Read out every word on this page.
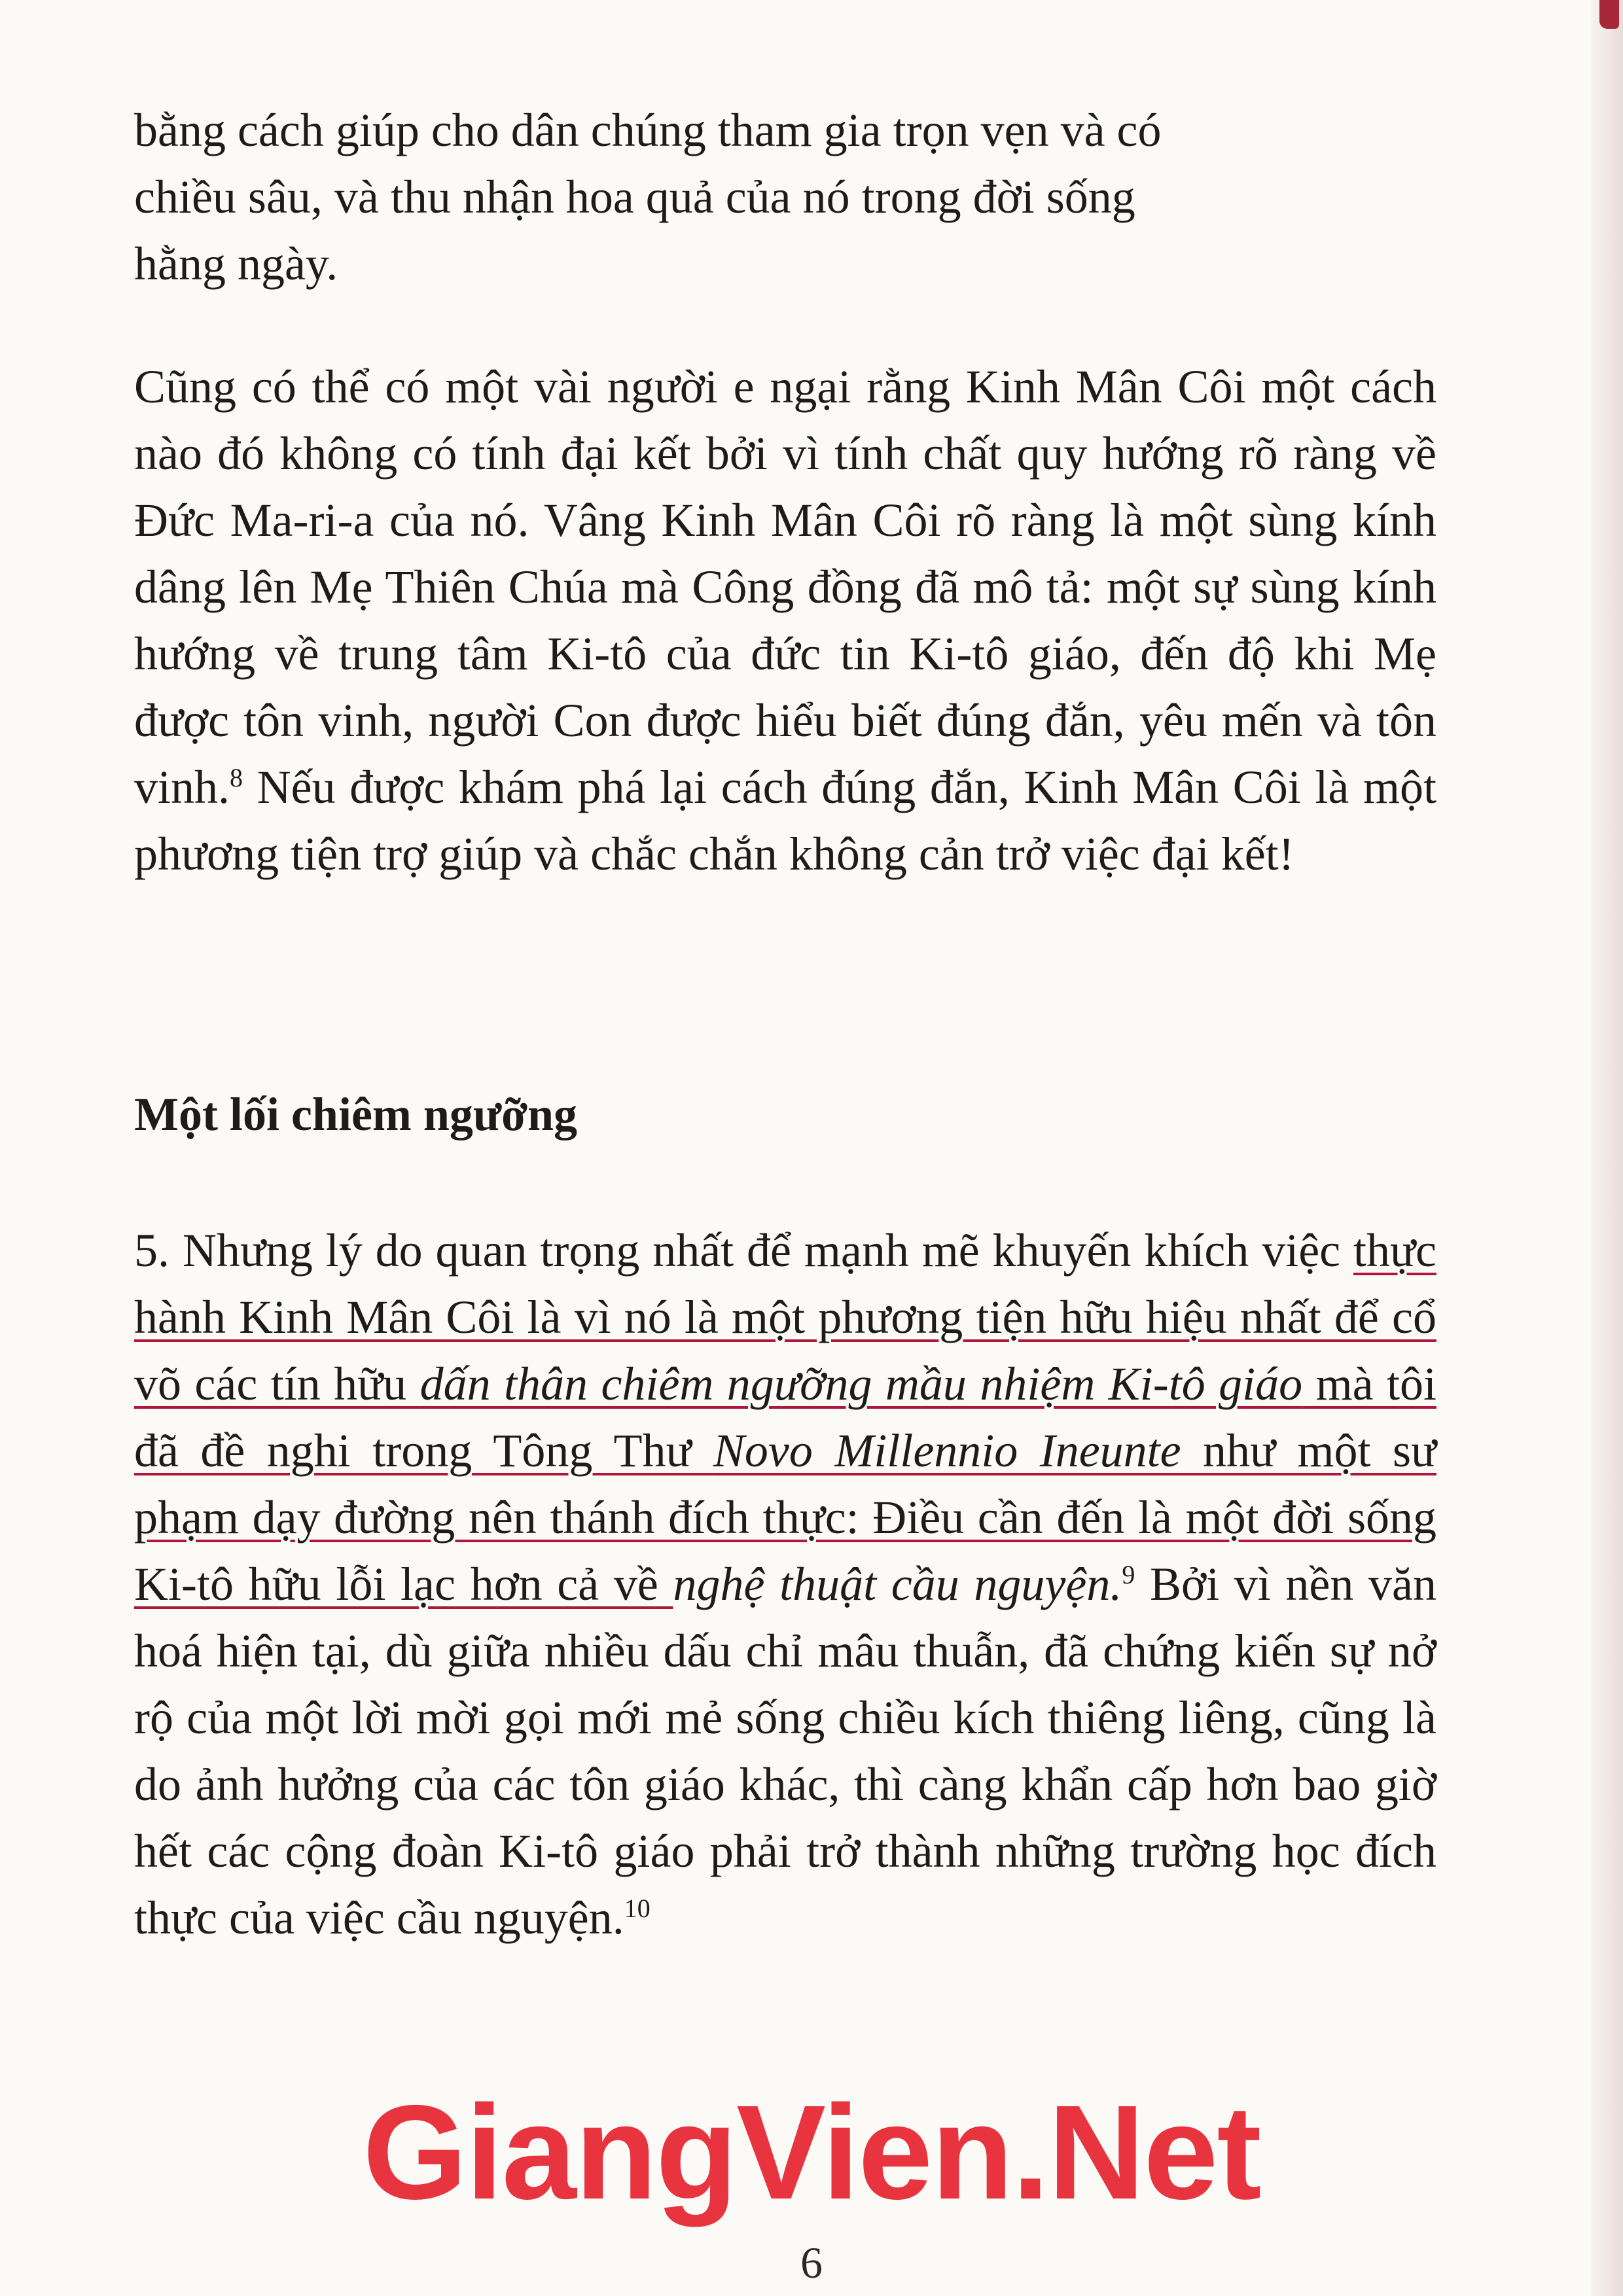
bằng cách giúp cho dân chúng tham gia trọn vẹn và có
chiều sâu, và thu nhận hoa quả của nó trong đời sống
hằng ngày.
Cũng có thể có một vài người e ngại rằng Kinh Mân Côi một cách nào đó không có tính đại kết bởi vì tính chất quy hướng rõ ràng về Đức Ma-ri-a của nó. Vâng Kinh Mân Côi rõ ràng là một sùng kính dâng lên Mẹ Thiên Chúa mà Công đồng đã mô tả: một sự sùng kính hướng về trung tâm Ki-tô của đức tin Ki-tô giáo, đến độ khi Mẹ được tôn vinh, người Con được hiểu biết đúng đắn, yêu mến và tôn vinh.$^8$ Nếu được khám phá lại cách đúng đắn, Kinh Mân Côi là một phương tiện trợ giúp và chắc chắn không cản trở việc đại kết!
Một lối chiêm ngưỡng
5. Nhưng lý do quan trọng nhất để mạnh mẽ khuyến khích việc thực hành Kinh Mân Côi là vì nó là một phương tiện hữu hiệu nhất để cổ võ các tín hữu dấn thân chiêm ngưỡng mầu nhiệm Ki-tô giáo mà tôi đã đề nghi trong Tông Thư Novo Millennio Ineunte như một sư phạm dạy đường nên thánh đích thực: Điều cần đến là một đời sống Ki-tô hữu lỗi lạc hơn cả về nghệ thuật cầu nguyện.$^9$ Bởi vì nền văn hoá hiện tại, dù giữa nhiều dấu chỉ mâu thuẫn, đã chứng kiến sự nở rộ của một lời mời gọi mới mẻ sống chiều kích thiêng liêng, cũng là do ảnh hưởng của các tôn giáo khác, thì càng khẩn cấp hơn bao giờ hết các cộng đoàn Ki-tô giáo phải trở thành những trường học đích thực của việc cầu nguyện.$^{10}$
GiangVien.Net
6
